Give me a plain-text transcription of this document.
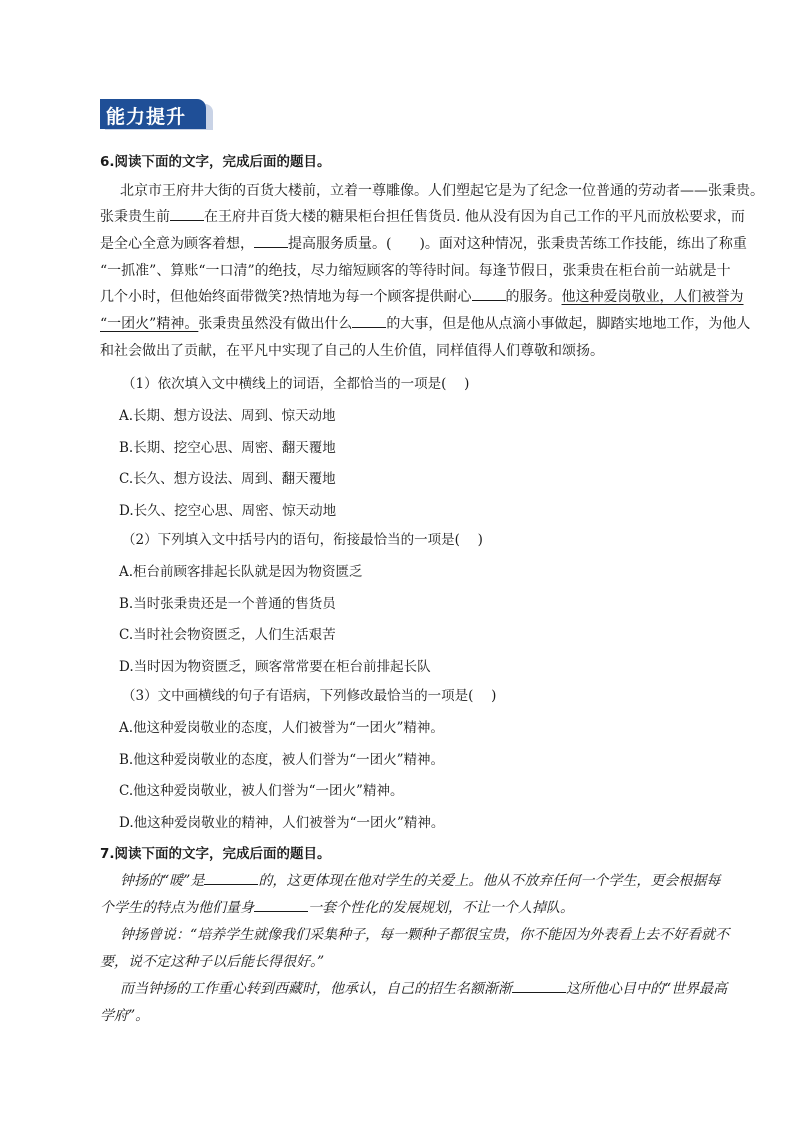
能力提升
6.阅读下面的文字，完成后面的题目。
北京市王府井大街的百货大楼前，立着一尊雕像。人们塑起它是为了纪念一位普通的劳动者——张秉贵。
张秉贵生前 在王府井百货大楼的糖果柜台担任售货员. 他从没有因为自己工作的平凡而放松要求，而
是全心全意为顾客着想， 提高服务质量。( )。面对这种情况，张秉贵苦练工作技能，练出了称重
“一抓准”、算账“一口清”的绝技，尽力缩短顾客的等待时间。每逢节假日，张秉贵在柜台前一站就是十
几个小时，但他始终面带微笑?热情地为每一个顾客提供耐心 的服务。他这种爱岗敬业，人们被誉为
“一团火”精神。张秉贵虽然没有做出什么 的大事，但是他从点滴小事做起，脚踏实地地工作，为他人
和社会做出了贡献，在平凡中实现了自己的人生价值，同样值得人们尊敬和颂扬。
（1）依次填入文中横线上的词语，全都恰当的一项是(　 )
A.长期、想方设法、周到、惊天动地
B.长期、挖空心思、周密、翻天覆地
C.长久、想方设法、周到、翻天覆地
D.长久、挖空心思、周密、惊天动地
（2）下列填入文中括号内的语句，衔接最恰当的一项是(　 )
A.柜台前顾客排起长队就是因为物资匮乏
B.当时张秉贵还是一个普通的售货员
C.当时社会物资匮乏，人们生活艰苦
D.当时因为物资匮乏，顾客常常要在柜台前排起长队
（3）文中画横线的句子有语病，下列修改最恰当的一项是(　 )
A.他这种爱岗敬业的态度，人们被誉为“一团火”精神。
B.他这种爱岗敬业的态度，被人们誉为“一团火”精神。
C.他这种爱岗敬业，被人们誉为“一团火”精神。
D.他这种爱岗敬业的精神，人们被誉为“一团火”精神。
7.阅读下面的文字，完成后面的题目。
钟扬的“暖”是	的，这更体现在他对学生的关爱上。他从不放弃任何一个学生，更会根据每
个学生的特点为他们量身	一套个性化的发展规划，不让一个人掉队。
钟扬曾说：“培养学生就像我们采集种子，每一颗种子都很宝贵，你不能因为外表看上去不好看就不
要，说不定这种子以后能长得很好。”
而当钟扬的工作重心转到西藏时，他承认，自己的招生名额渐渐	这所他心目中的“世界最高
学府”。
